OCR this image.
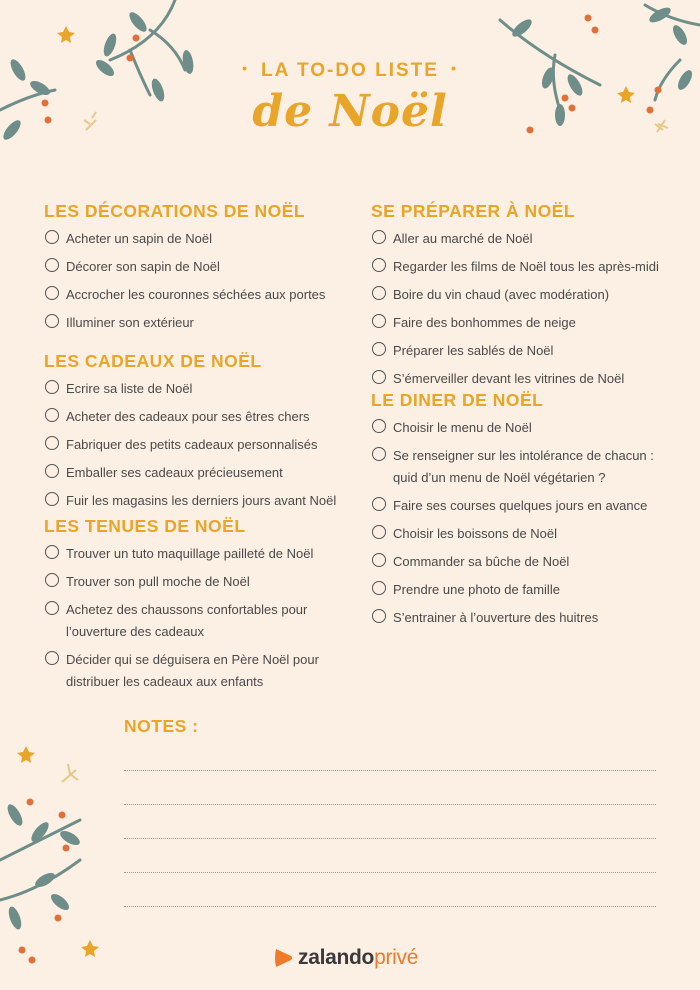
• LA TO-DO LISTE •
de Noël
LES DÉCORATIONS DE NOËL
Acheter un sapin de Noël
Décorer son sapin de Noël
Accrocher les couronnes séchées aux portes
Illuminer son extérieur
LES CADEAUX DE NOËL
Ecrire sa liste de Noël
Acheter des cadeaux pour ses êtres chers
Fabriquer des petits cadeaux personnalisés
Emballer ses cadeaux précieusement
Fuir les magasins les derniers jours avant Noël
LES TENUES DE NOËL
Trouver un tuto maquillage pailleté de Noël
Trouver son pull moche de Noël
Achetez des chaussons confortables pour l’ouverture des cadeaux
Décider qui se déguisera en Père Noël pour distribuer les cadeaux aux enfants
SE PRÉPARER À NOËL
Aller au marché de Noël
Regarder les films de Noël tous les après-midi
Boire du vin chaud (avec modération)
Faire des bonhommes de neige
Préparer les sablés de Noël
S’émerveiller devant les vitrines de Noël
LE DINER DE NOËL
Choisir le menu de Noël
Se renseigner sur les intolérance de chacun : quid d’un menu de Noël végétarien ?
Faire ses courses quelques jours en avance
Choisir les boissons de Noël
Commander sa bûche de Noël
Prendre une photo de famille
S’entrainer à l’ouverture des huitres
NOTES :
zalandoprivé
